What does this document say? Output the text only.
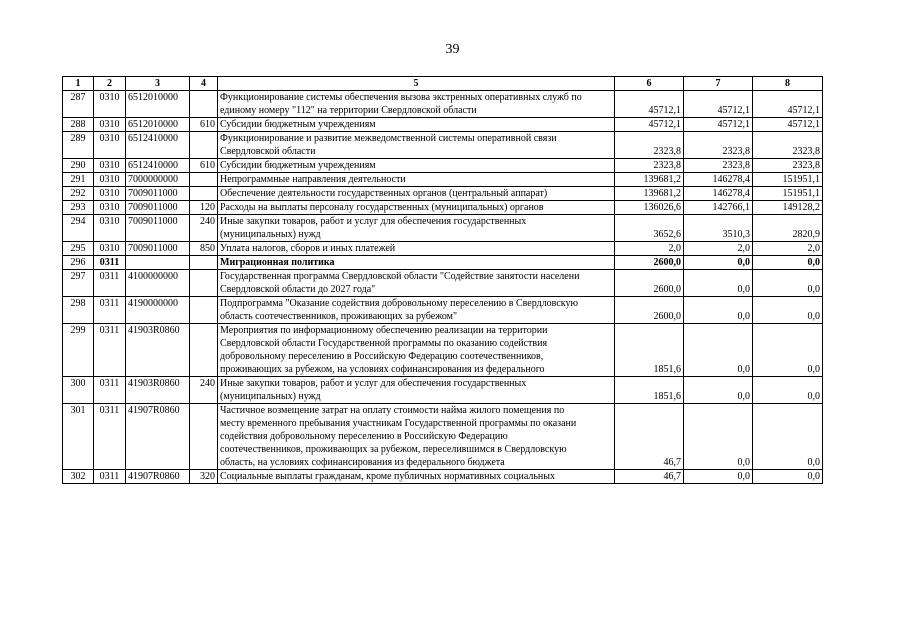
39
1	2	3	4	5	6	7	8
287	0310	6512010000		Функционирование системы обеспечения вызова экстренных оперативных служб по
единому номеру "112" на территории Свердловской области	45712,1	45712,1	45712,1
288	0310	6512010000	610	Субсидии бюджетным учреждениям	45712,1	45712,1	45712,1
289	0310	6512410000		Функционирование и развитие межведомственной системы оперативной связи
Свердловской области	2323,8	2323,8	2323,8
290	0310	6512410000	610	Субсидии бюджетным учреждениям	2323,8	2323,8	2323,8
291	0310	7000000000		Непрограммные направления деятельности	139681,2	146278,4	151951,1
292	0310	7009011000		Обеспечение деятельности государственных органов (центральный аппарат)	139681,2	146278,4	151951,1
293	0310	7009011000	120	Расходы на выплаты персоналу государственных (муниципальных) органов	136026,6	142766,1	149128,2
294	0310	7009011000	240	Иные закупки товаров, работ и услуг для обеспечения государственных
(муниципальных) нужд	3652,6	3510,3	2820,9
295	0310	7009011000	850	Уплата налогов, сборов и иных платежей	2,0	2,0	2,0
296	0311			Миграционная политика	2600,0	0,0	0,0
297	0311	4100000000		Государственная программа Свердловской области "Содействие занятости населени
Свердловской области до 2027 года"	2600,0	0,0	0,0
298	0311	4190000000		Подпрограмма "Оказание содействия добровольному переселению в Свердловскую
область соотечественников, проживающих за рубежом"	2600,0	0,0	0,0
299	0311	41903R0860		Мероприятия по информационному обеспечению реализации на территории
Свердловской области Государственной программы по оказанию содействия
добровольному переселению в Российскую Федерацию соотечественников,
проживающих за рубежом, на условиях софинансирования из федерального	1851,6	0,0	0,0
300	0311	41903R0860	240	Иные закупки товаров, работ и услуг для обеспечения государственных
(муниципальных) нужд	1851,6	0,0	0,0
301	0311	41907R0860		Частичное возмещение затрат на оплату стоимости найма жилого помещения по
месту временного пребывания участникам Государственной программы по оказани
содействия добровольному переселению в Российскую Федерацию
соотечественников, проживающих за рубежом, переселившимся в Свердловскую
область, на условиях софинансирования из федерального бюджета	46,7	0,0	0,0
302	0311	41907R0860	320	Социальные выплаты гражданам, кроме публичных нормативных социальных	46,7	0,0	0,0
